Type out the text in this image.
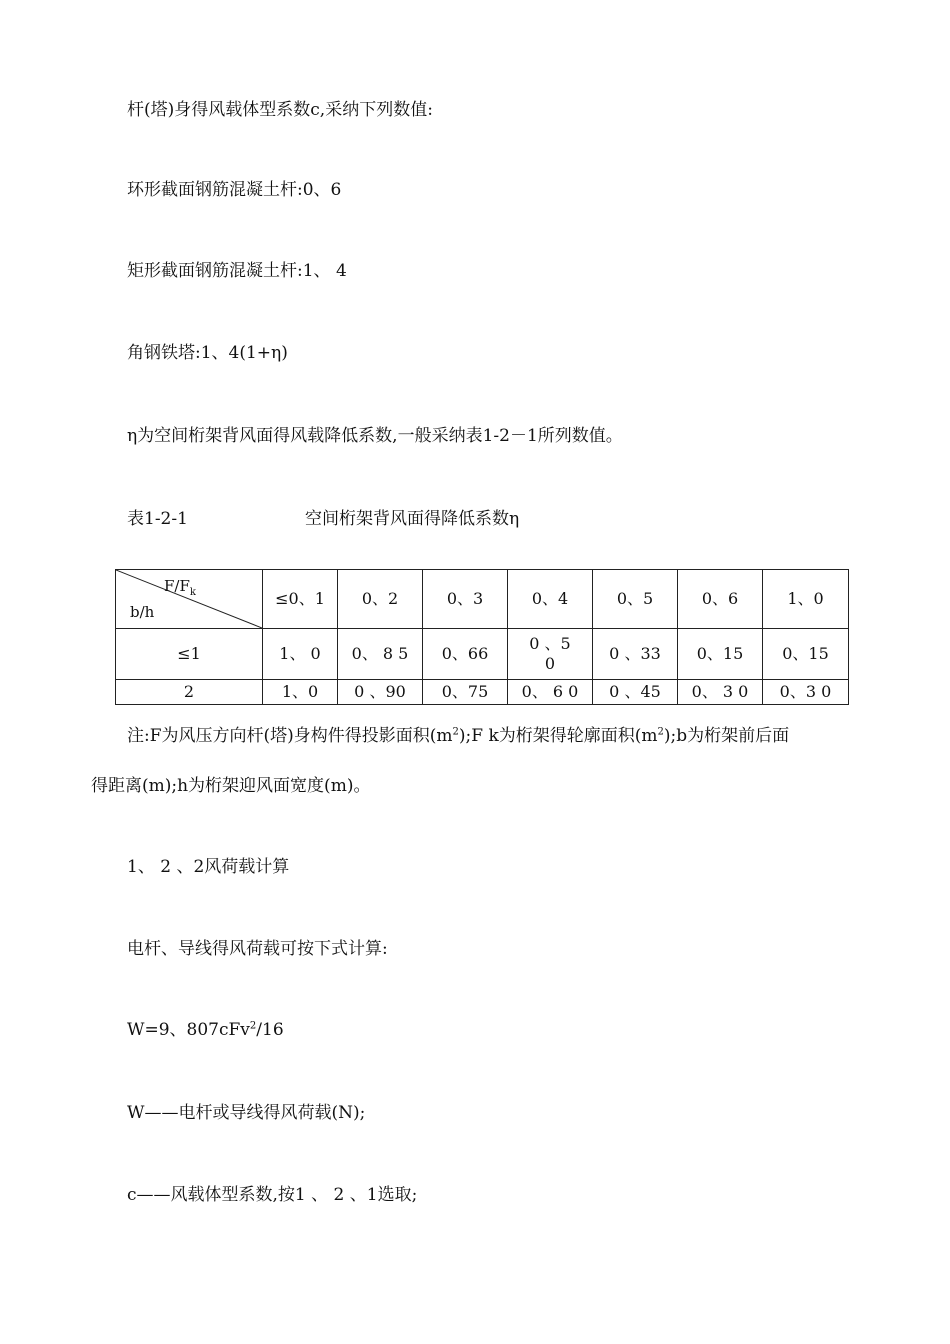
杆(塔)身得风载体型系数c,采纳下列数值:
环形截面钢筋混凝土杆:0、6
矩形截面钢筋混凝土杆:1、 4
角钢铁塔:1、4(1+η)
η为空间桁架背风面得风载降低系数,一般采纳表1-2－1所列数值。
表1-2-1	空间桁架背风面得降低系数η
$F/F_k$
b/h	≤0、1	0、2	0、3	0、4	0、5	0、6	1、0
≤1	1、 0	0、 8 5	0、66	0 、5 0	0 、33	0、15	0、15
2	1、0	0 、90	0、75	0、 6 0	0 、45	0、 3 0	0、3 0
注:F为风压方向杆(塔)身构件得投影面积$(m^2);F$ k为桁架得轮廓面积$(m^2);b$为桁架前后面
得距离(m);h为桁架迎风面宽度(m)。
1、 2 、2风荷载计算
电杆、导线得风荷载可按下式计算:
W=9、807cFv$^2$/16
W——电杆或导线得风荷载(N);
c——风载体型系数,按1 、 2 、1选取;
